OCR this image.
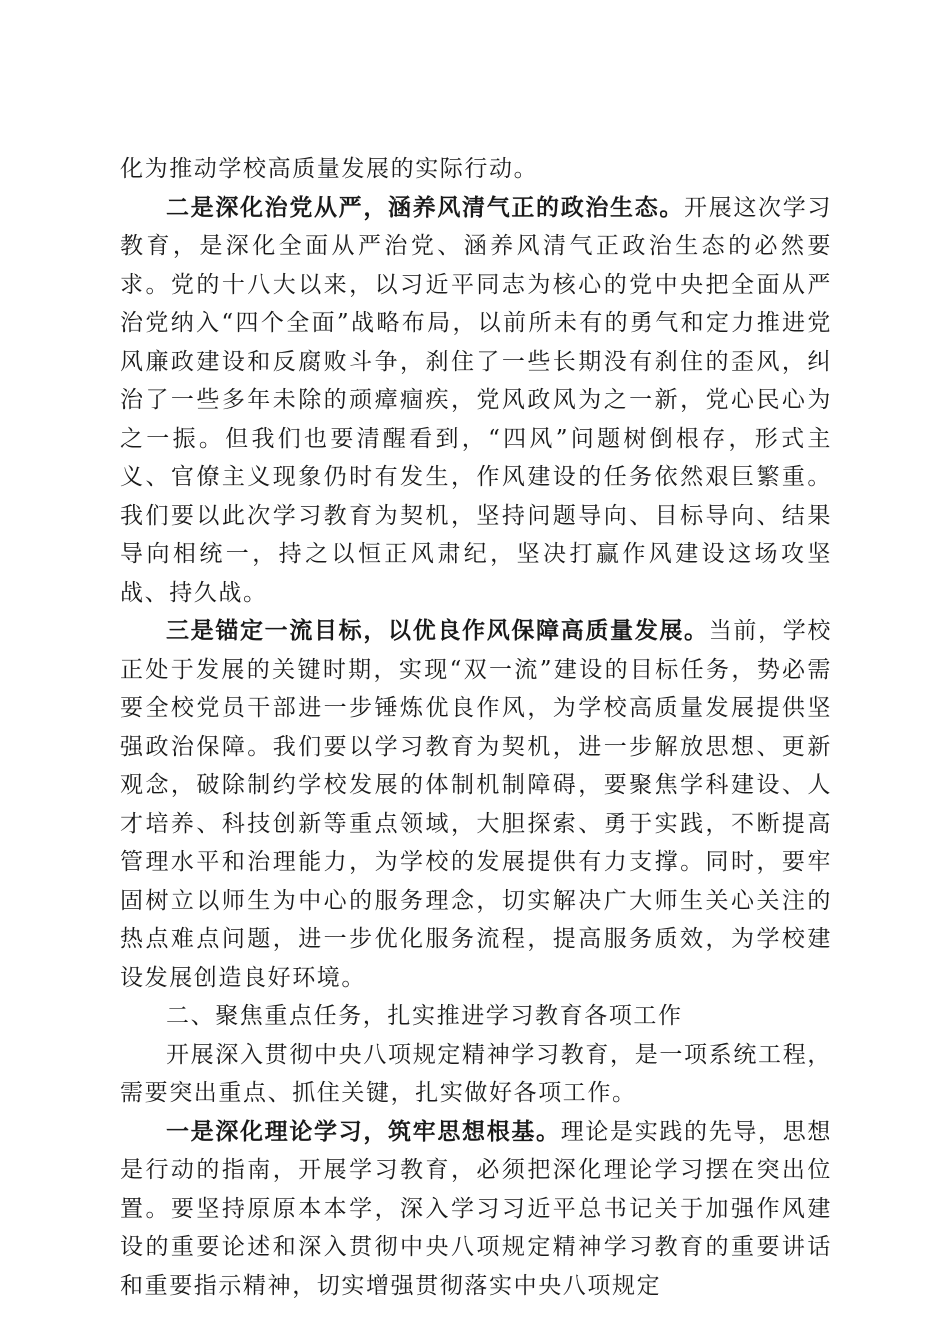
化为推动学校高质量发展的实际行动。

二是深化治党从严，涵养风清气正的政治生态。开展这次学习教育，是深化全面从严治党、涵养风清气正政治生态的必然要求。党的十八大以来，以习近平同志为核心的党中央把全面从严治党纳入“四个全面”战略布局，以前所未有的勇气和定力推进党风廉政建设和反腐败斗争，刹住了一些长期没有刹住的歪风，纠治了一些多年未除的顽瘴痼疾，党风政风为之一新，党心民心为之一振。但我们也要清醒看到，“四风”问题树倒根存，形式主义、官僚主义现象仍时有发生，作风建设的任务依然艰巨繁重。我们要以此次学习教育为契机，坚持问题导向、目标导向、结果导向相统一，持之以恒正风肃纪，坚决打赢作风建设这场攻坚战、持久战。

三是锚定一流目标，以优良作风保障高质量发展。当前，学校正处于发展的关键时期，实现“双一流”建设的目标任务，势必需要全校党员干部进一步锤炼优良作风，为学校高质量发展提供坚强政治保障。我们要以学习教育为契机，进一步解放思想、更新观念，破除制约学校发展的体制机制障碍，要聚焦学科建设、人才培养、科技创新等重点领域，大胆探索、勇于实践，不断提高管理水平和治理能力，为学校的发展提供有力支撑。同时，要牢固树立以师生为中心的服务理念，切实解决广大师生关心关注的热点难点问题，进一步优化服务流程，提高服务质效，为学校建设发展创造良好环境。

二、聚焦重点任务，扎实推进学习教育各项工作

开展深入贯彻中央八项规定精神学习教育，是一项系统工程，需要突出重点、抓住关键，扎实做好各项工作。

一是深化理论学习，筑牢思想根基。理论是实践的先导，思想是行动的指南，开展学习教育，必须把深化理论学习摆在突出位置。要坚持原原本本学，深入学习习近平总书记关于加强作风建设的重要论述和深入贯彻中央八项规定精神学习教育的重要讲话和重要指示精神，切实增强贯彻落实中央八项规定
